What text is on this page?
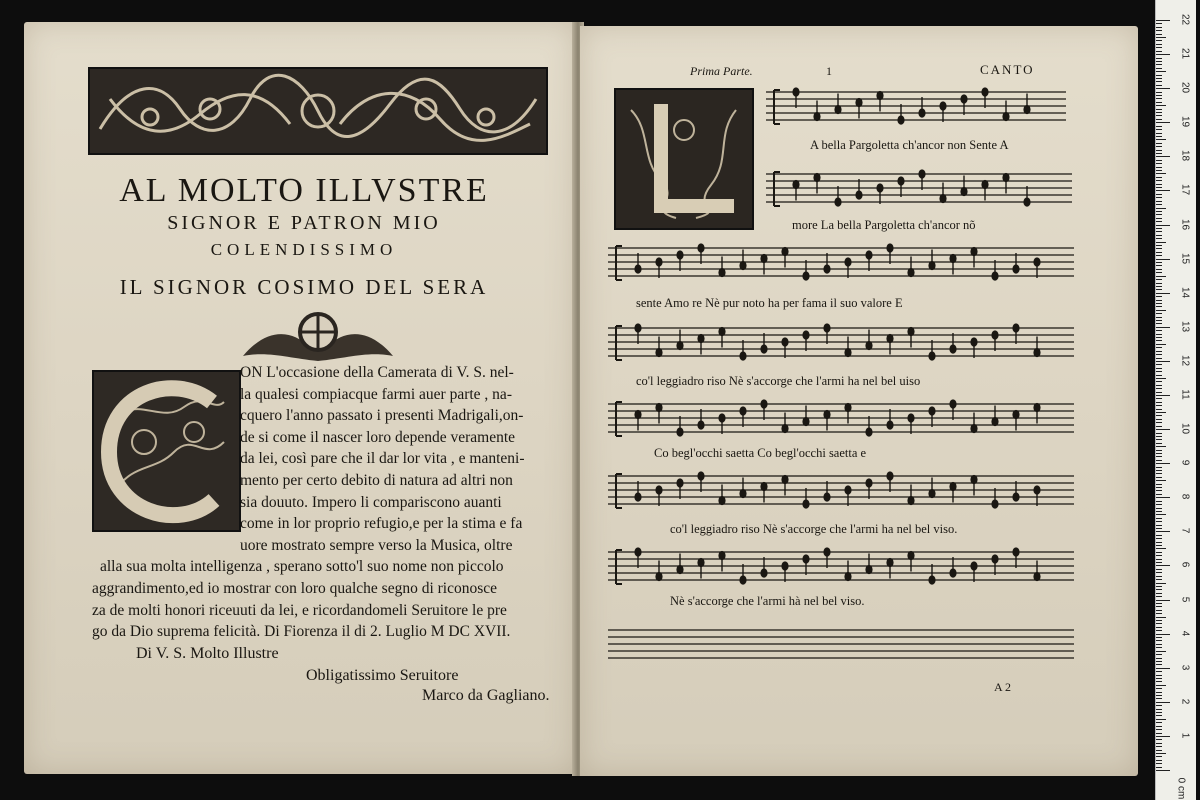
AL MOLTO ILLVSTRE
SIGNOR E PATRON MIO
COLENDISSIMO
IL SIGNOR COSIMO DEL SERA
ON L'occasione della Camerata di V. S. nel-
la qualesi compiacque farmi auer parte , na-
cquero l'anno passato i presenti Madrigali,on-
de si come il nascer loro depende veramente
da lei, così pare che il dar lor vita , e manteni-
mento per certo debito di natura ad altri non
sia douuto. Impero li compariscono auanti
come in lor proprio refugio,e per la stima e fa
uore mostrato sempre verso la Musica, oltre
alla sua molta intelligenza , sperano sotto'l suo nome non piccolo
aggrandimento,ed io mostrar con loro qualche segno di riconosce
za de molti honori riceuuti da lei, e ricordandomeli Seruitore le pre
go da Dio suprema felicità. Di Fiorenza il di 2. Luglio M DC XVII.
Di V. S. Molto Illustre
Obligatissimo Seruitore
Marco da Gagliano.
Prima Parte.	1	CANTO
A bella Pargoletta ch'ancor non Sente A
more La bella Pargoletta ch'ancor nõ
sente Amo re Nè pur noto ha per fama il suo valore E
co'l leggiadro riso Nè s'accorge che l'armi ha nel bel uiso
Co begl'occhi saetta Co begl'occhi saetta e
co'l leggiadro riso Nè s'accorge che l'armi ha nel bel viso.
Nè s'accorge che l'armi hà nel bel viso.
A 2
0 cm
1
2
3
4
5
6
7
8
9
10
11
12
13
14
15
16
17
18
19
20
21
22
